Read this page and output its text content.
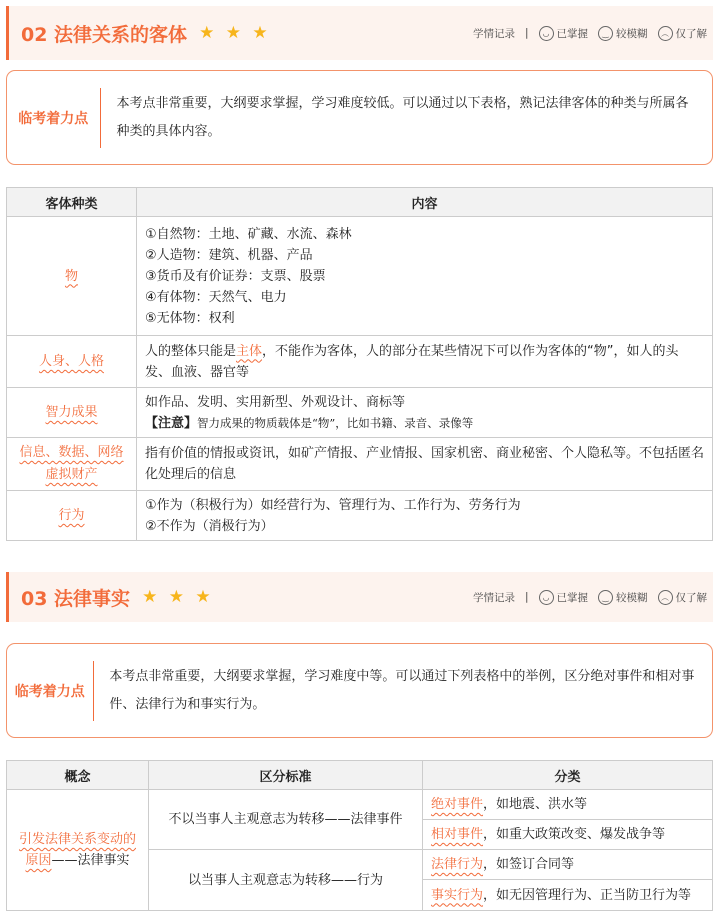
02 法律关系的客体 ★ ★ ★	学情记录 |	◡ 已掌握	‿ 较模糊	︵ 仅了解
临考着力点
本考点非常重要，大纲要求掌握，学习难度较低。可以通过以下表格，熟记法律客体的种类与所属各种类的具体内容。
客体种类	内容
物	①自然物：土地、矿藏、水流、森林
②人造物：建筑、机器、产品
③货币及有价证券：支票、股票
④有体物：天然气、电力
⑤无体物：权利

人身、人格	人的整体只能是主体，不能作为客体，人的部分在某些情况下可以作为客体的“物”，如人的头发、血液、器官等
智力成果	如作品、发明、实用新型、外观设计、商标等
【注意】智力成果的物质载体是“物”，比如书籍、录音、录像等

信息、数据、网络
虚拟财产	指有价值的情报或资讯，如矿产情报、产业情报、国家机密、商业秘密、个人隐私等。不包括匿名化处理后的信息
行为	①作为（积极行为）如经营行为、管理行为、工作行为、劳务行为
②不作为（消极行为）
03 法律事实 ★ ★ ★	学情记录 |	◡ 已掌握	‿ 较模糊	︵ 仅了解
临考着力点
本考点非常重要，大纲要求掌握，学习难度中等。可以通过下列表格中的举例，区分绝对事件和相对事件、法律行为和事实行为。
概念	区分标准	分类
引发法律关系变动的
原因——法律事实	不以当事人主观意志为转移——法律事件	绝对事件，如地震、洪水等
		相对事件，如重大政策改变、爆发战争等
	以当事人主观意志为转移——行为	法律行为，如签订合同等
		事实行为，如无因管理行为、正当防卫行为等
